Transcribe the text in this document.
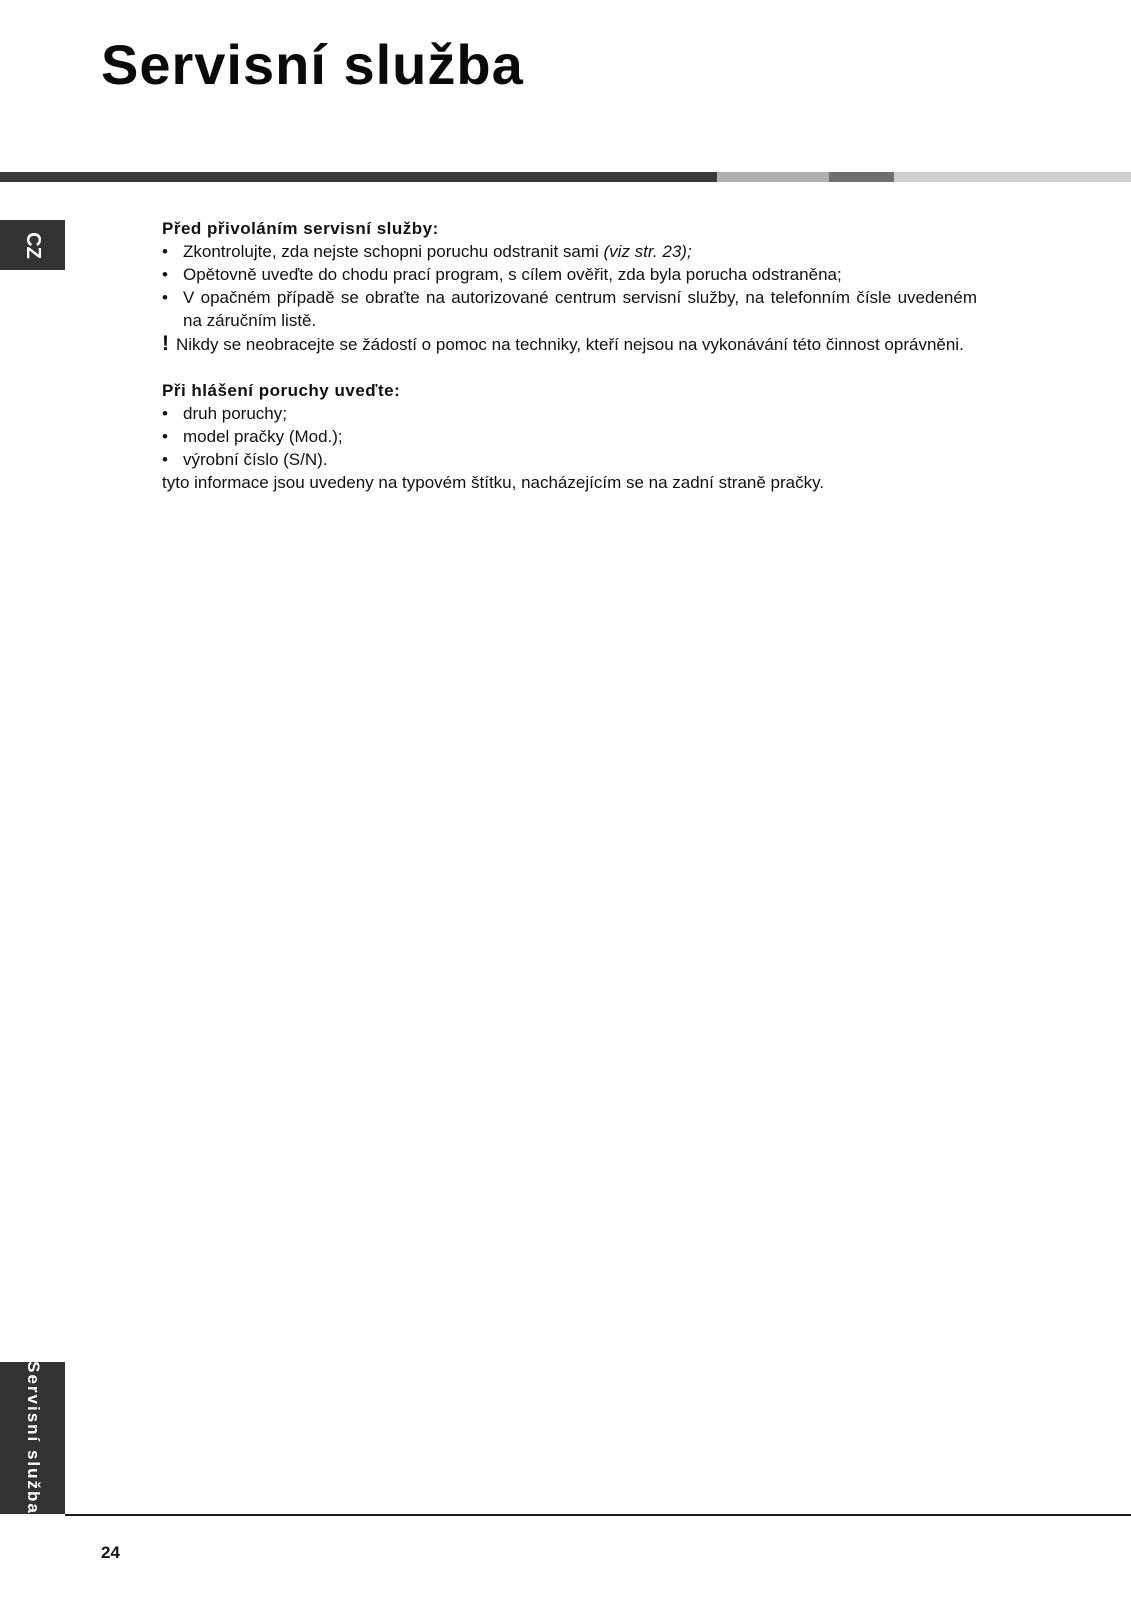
Servisní služba
CZ

Před přivoláním servisní služby:

• Zkontrolujte, zda nejste schopni poruchu odstranit sami (viz str. 23);
• Opětovně uveďte do chodu prací program, s cílem ověřit, zda byla porucha odstraněna;
• V opačném případě se obraťte na autorizované centrum servisní služby, na telefonním čísle uvedeném na záručním listě.

! Nikdy se neobracejte se žádostí o pomoc na techniky, kteří nejsou na vykonávání této činnost oprávněni.

Při hlášení poruchy uveďte:

• druh poruchy;
• model pračky (Mod.);
• výrobní číslo (S/N).

tyto informace jsou uvedeny na typovém štítku, nacházejícím se na zadní straně pračky.

Servisní služba
24
